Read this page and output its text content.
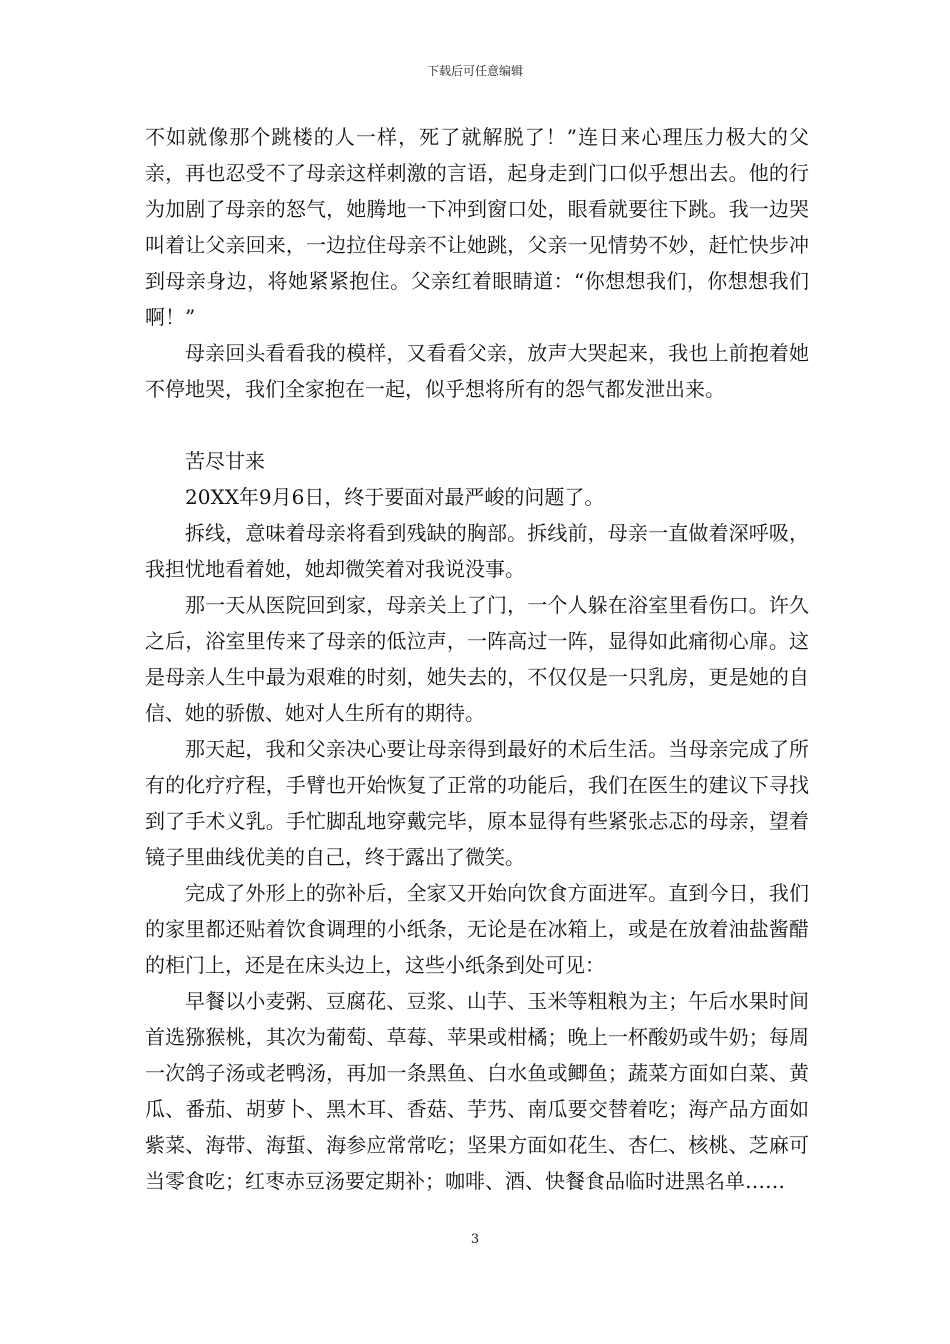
下载后可任意编辑

不如就像那个跳楼的人一样，死了就解脱了！”连日来心理压力极大的父亲，再也忍受不了母亲这样刺激的言语，起身走到门口似乎想出去。他的行为加剧了母亲的怒气，她腾地一下冲到窗口处，眼看就要往下跳。我一边哭叫着让父亲回来，一边拉住母亲不让她跳，父亲一见情势不妙，赶忙快步冲到母亲身边，将她紧紧抱住。父亲红着眼睛道：“你想想我们，你想想我们啊！”

母亲回头看看我的模样，又看看父亲，放声大哭起来，我也上前抱着她不停地哭，我们全家抱在一起，似乎想将所有的怨气都发泄出来。

苦尽甘来

20XX年9月6日，终于要面对最严峻的问题了。

拆线，意味着母亲将看到残缺的胸部。拆线前，母亲一直做着深呼吸，我担忧地看着她，她却微笑着对我说没事。

那一天从医院回到家，母亲关上了门，一个人躲在浴室里看伤口。许久之后，浴室里传来了母亲的低泣声，一阵高过一阵，显得如此痛彻心扉。这是母亲人生中最为艰难的时刻，她失去的，不仅仅是一只乳房，更是她的自信、她的骄傲、她对人生所有的期待。

那天起，我和父亲决心要让母亲得到最好的术后生活。当母亲完成了所有的化疗疗程，手臂也开始恢复了正常的功能后，我们在医生的建议下寻找到了手术义乳。手忙脚乱地穿戴完毕，原本显得有些紧张忐忑的母亲，望着镜子里曲线优美的自己，终于露出了微笑。

完成了外形上的弥补后，全家又开始向饮食方面进军。直到今日，我们的家里都还贴着饮食调理的小纸条，无论是在冰箱上，或是在放着油盐酱醋的柜门上，还是在床头边上，这些小纸条到处可见：

早餐以小麦粥、豆腐花、豆浆、山芋、玉米等粗粮为主；午后水果时间首选猕猴桃，其次为葡萄、草莓、苹果或柑橘；晚上一杯酸奶或牛奶；每周一次鸽子汤或老鸭汤，再加一条黑鱼、白水鱼或鲫鱼；蔬菜方面如白菜、黄瓜、番茄、胡萝卜、黑木耳、香菇、芋艿、南瓜要交替着吃；海产品方面如紫菜、海带、海蜇、海参应常常吃；坚果方面如花生、杏仁、核桃、芝麻可当零食吃；红枣赤豆汤要定期补；咖啡、酒、快餐食品临时进黑名单……

3
